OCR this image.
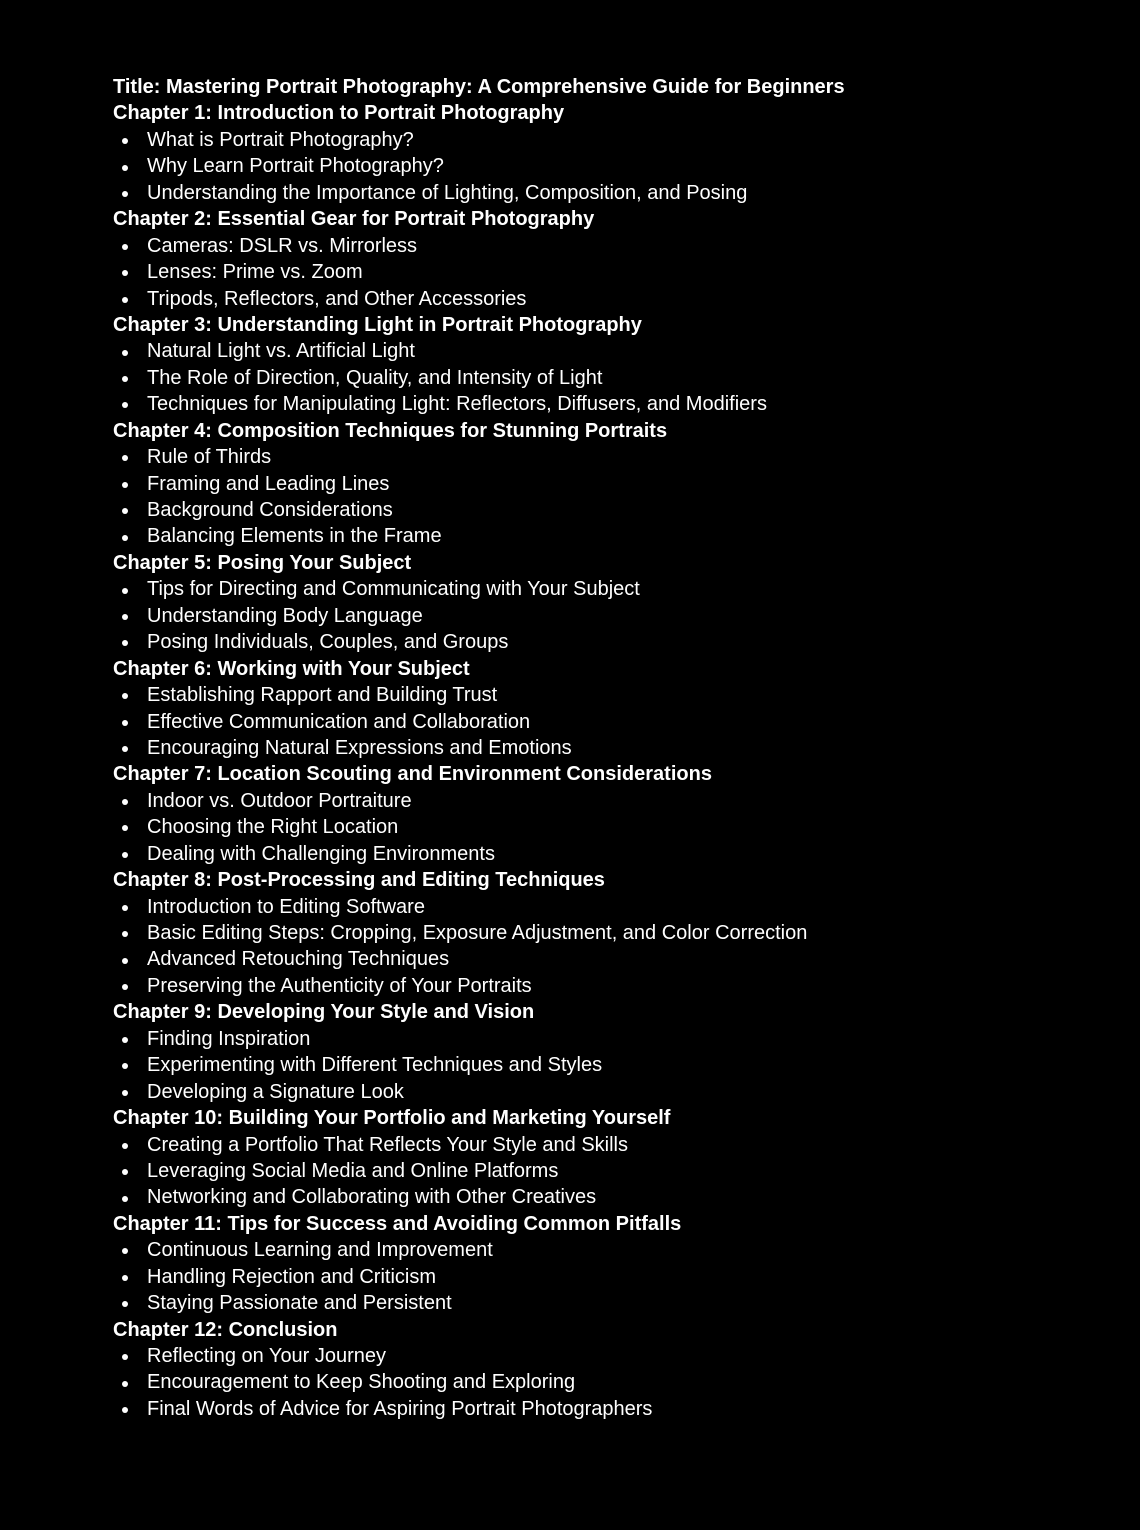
Title: Mastering Portrait Photography: A Comprehensive Guide for Beginners
Chapter 1: Introduction to Portrait Photography
What is Portrait Photography?
Why Learn Portrait Photography?
Understanding the Importance of Lighting, Composition, and Posing
Chapter 2: Essential Gear for Portrait Photography
Cameras: DSLR vs. Mirrorless
Lenses: Prime vs. Zoom
Tripods, Reflectors, and Other Accessories
Chapter 3: Understanding Light in Portrait Photography
Natural Light vs. Artificial Light
The Role of Direction, Quality, and Intensity of Light
Techniques for Manipulating Light: Reflectors, Diffusers, and Modifiers
Chapter 4: Composition Techniques for Stunning Portraits
Rule of Thirds
Framing and Leading Lines
Background Considerations
Balancing Elements in the Frame
Chapter 5: Posing Your Subject
Tips for Directing and Communicating with Your Subject
Understanding Body Language
Posing Individuals, Couples, and Groups
Chapter 6: Working with Your Subject
Establishing Rapport and Building Trust
Effective Communication and Collaboration
Encouraging Natural Expressions and Emotions
Chapter 7: Location Scouting and Environment Considerations
Indoor vs. Outdoor Portraiture
Choosing the Right Location
Dealing with Challenging Environments
Chapter 8: Post-Processing and Editing Techniques
Introduction to Editing Software
Basic Editing Steps: Cropping, Exposure Adjustment, and Color Correction
Advanced Retouching Techniques
Preserving the Authenticity of Your Portraits
Chapter 9: Developing Your Style and Vision
Finding Inspiration
Experimenting with Different Techniques and Styles
Developing a Signature Look
Chapter 10: Building Your Portfolio and Marketing Yourself
Creating a Portfolio That Reflects Your Style and Skills
Leveraging Social Media and Online Platforms
Networking and Collaborating with Other Creatives
Chapter 11: Tips for Success and Avoiding Common Pitfalls
Continuous Learning and Improvement
Handling Rejection and Criticism
Staying Passionate and Persistent
Chapter 12: Conclusion
Reflecting on Your Journey
Encouragement to Keep Shooting and Exploring
Final Words of Advice for Aspiring Portrait Photographers
